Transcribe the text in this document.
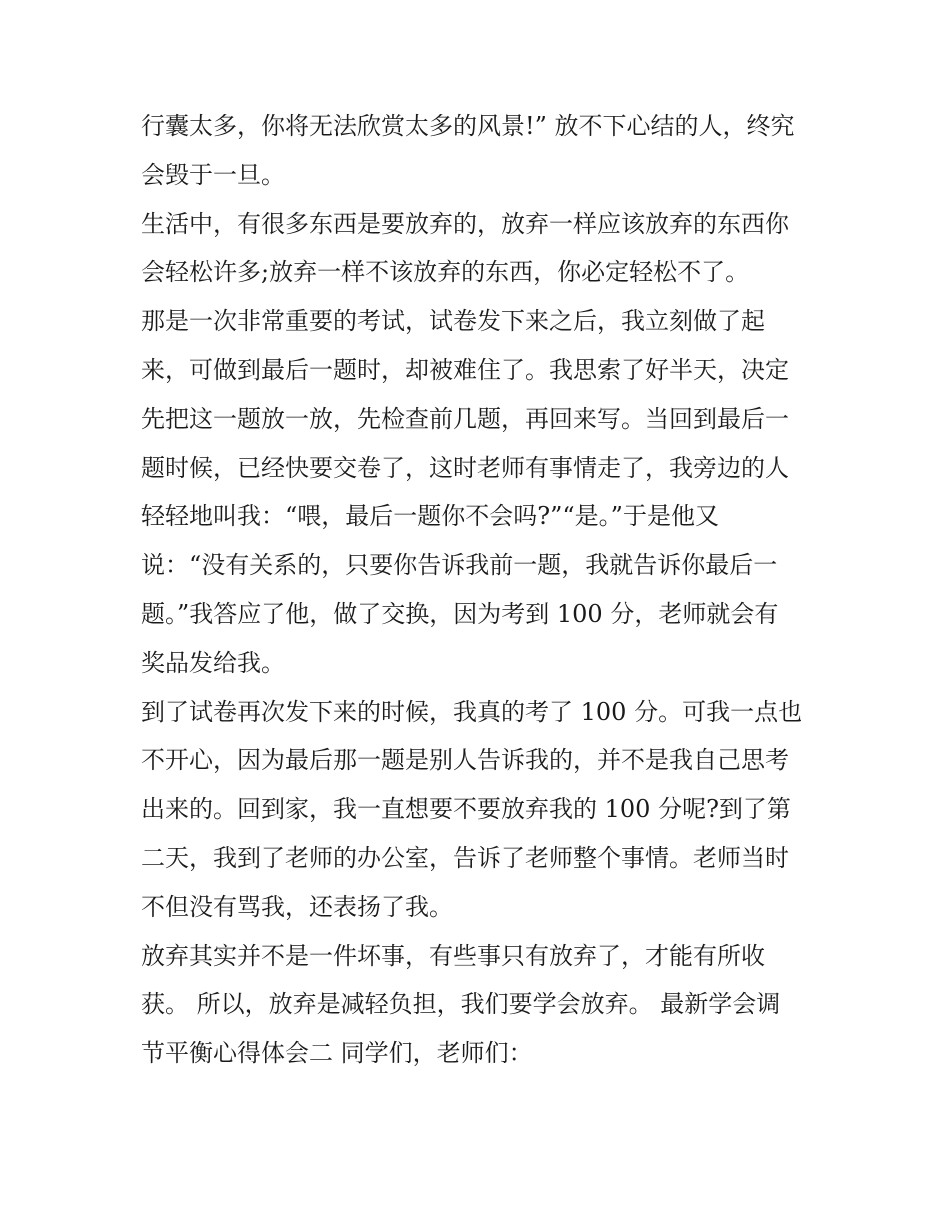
行囊太多，你将无法欣赏太多的风景!” 放不下心结的人，终究
会毁于一旦。
生活中，有很多东西是要放弃的，放弃一样应该放弃的东西你
会轻松许多;放弃一样不该放弃的东西，你必定轻松不了。
那是一次非常重要的考试，试卷发下来之后，我立刻做了起
来，可做到最后一题时，却被难住了。我思索了好半天，决定
先把这一题放一放，先检查前几题，再回来写。当回到最后一
题时候，已经快要交卷了，这时老师有事情走了，我旁边的人
轻轻地叫我：“喂，最后一题你不会吗?”“是。”于是他又
说：“没有关系的，只要你告诉我前一题，我就告诉你最后一
题。”我答应了他，做了交换，因为考到 100 分，老师就会有
奖品发给我。
到了试卷再次发下来的时候，我真的考了 100 分。可我一点也
不开心，因为最后那一题是别人告诉我的，并不是我自己思考
出来的。回到家，我一直想要不要放弃我的 100 分呢?到了第
二天，我到了老师的办公室，告诉了老师整个事情。老师当时
不但没有骂我，还表扬了我。
放弃其实并不是一件坏事，有些事只有放弃了，才能有所收
获。 所以，放弃是减轻负担，我们要学会放弃。 最新学会调
节平衡心得体会二 同学们，老师们：
